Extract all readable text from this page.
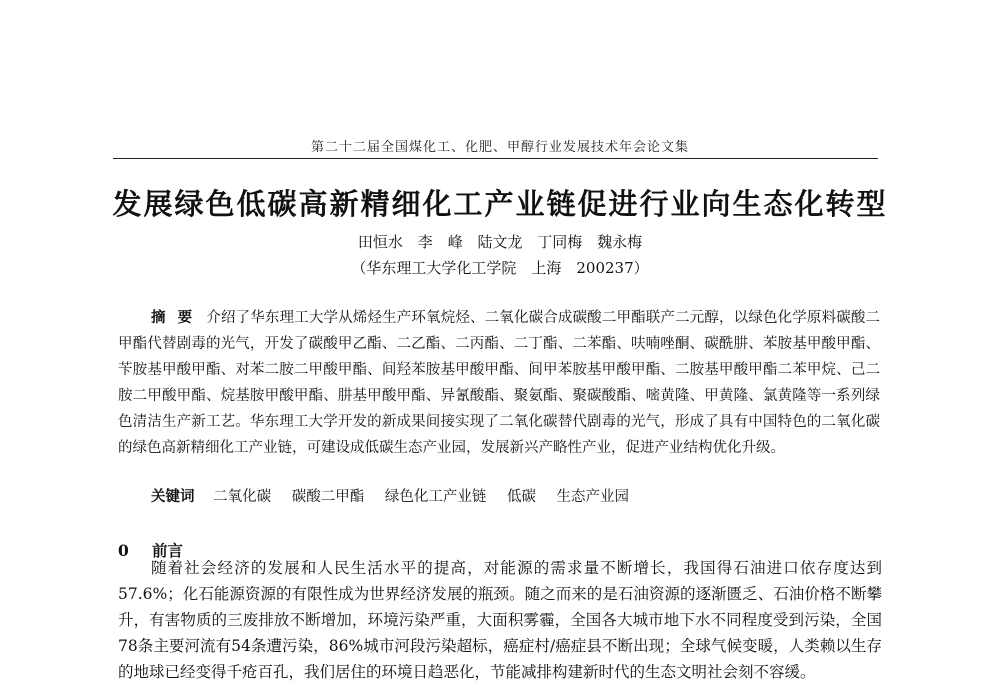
第二十二届全国煤化工、化肥、甲醇行业发展技术年会论文集
发展绿色低碳高新精细化工产业链促进行业向生态化转型
田恒水 李　峰 陆文龙 丁同梅 魏永梅
（华东理工大学化工学院　上海　200237）

摘要 介绍了华东理工大学从烯烃生产环氧烷烃、二氧化碳合成碳酸二甲酯联产二元醇，以绿色化学原料碳酸二甲酯代替剧毒的光气，开发了碳酸甲乙酯、二乙酯、二丙酯、二丁酯、二苯酯、呋喃唑酮、碳酰肼、苯胺基甲酸甲酯、苄胺基甲酸甲酯、对苯二胺二甲酸甲酯、间羟苯胺基甲酸甲酯、间甲苯胺基甲酸甲酯、二胺基甲酸甲酯二苯甲烷、己二胺二甲酸甲酯、烷基胺甲酸甲酯、肼基甲酸甲酯、异氰酸酯、聚氨酯、聚碳酸酯、嘧黄隆、甲黄隆、氯黄隆等一系列绿色清洁生产新工艺。华东理工大学开发的新成果间接实现了二氧化碳替代剧毒的光气，形成了具有中国特色的二氧化碳的绿色高新精细化工产业链，可建设成低碳生态产业园，发展新兴产略性产业，促进产业结构优化升级。

关键词 二氧化碳 碳酸二甲酯 绿色化工产业链 低碳 生态产业园
0 前言

随着社会经济的发展和人民生活水平的提高，对能源的需求量不断增长，我国得石油进口依存度达到57.6%；化石能源资源的有限性成为世界经济发展的瓶颈。随之而来的是石油资源的逐渐匮乏、石油价格不断攀升，有害物质的三废排放不断增加，环境污染严重，大面积雾霾，全国各大城市地下水不同程度受到污染，全国78条主要河流有54条遭污染，86%城市河段污染超标，癌症村/癌症县不断出现；全球气候变暖，人类赖以生存的地球已经变得千疮百孔，我们居住的环境日趋恶化，节能减排构建新时代的生态文明社会刻不容缓。
